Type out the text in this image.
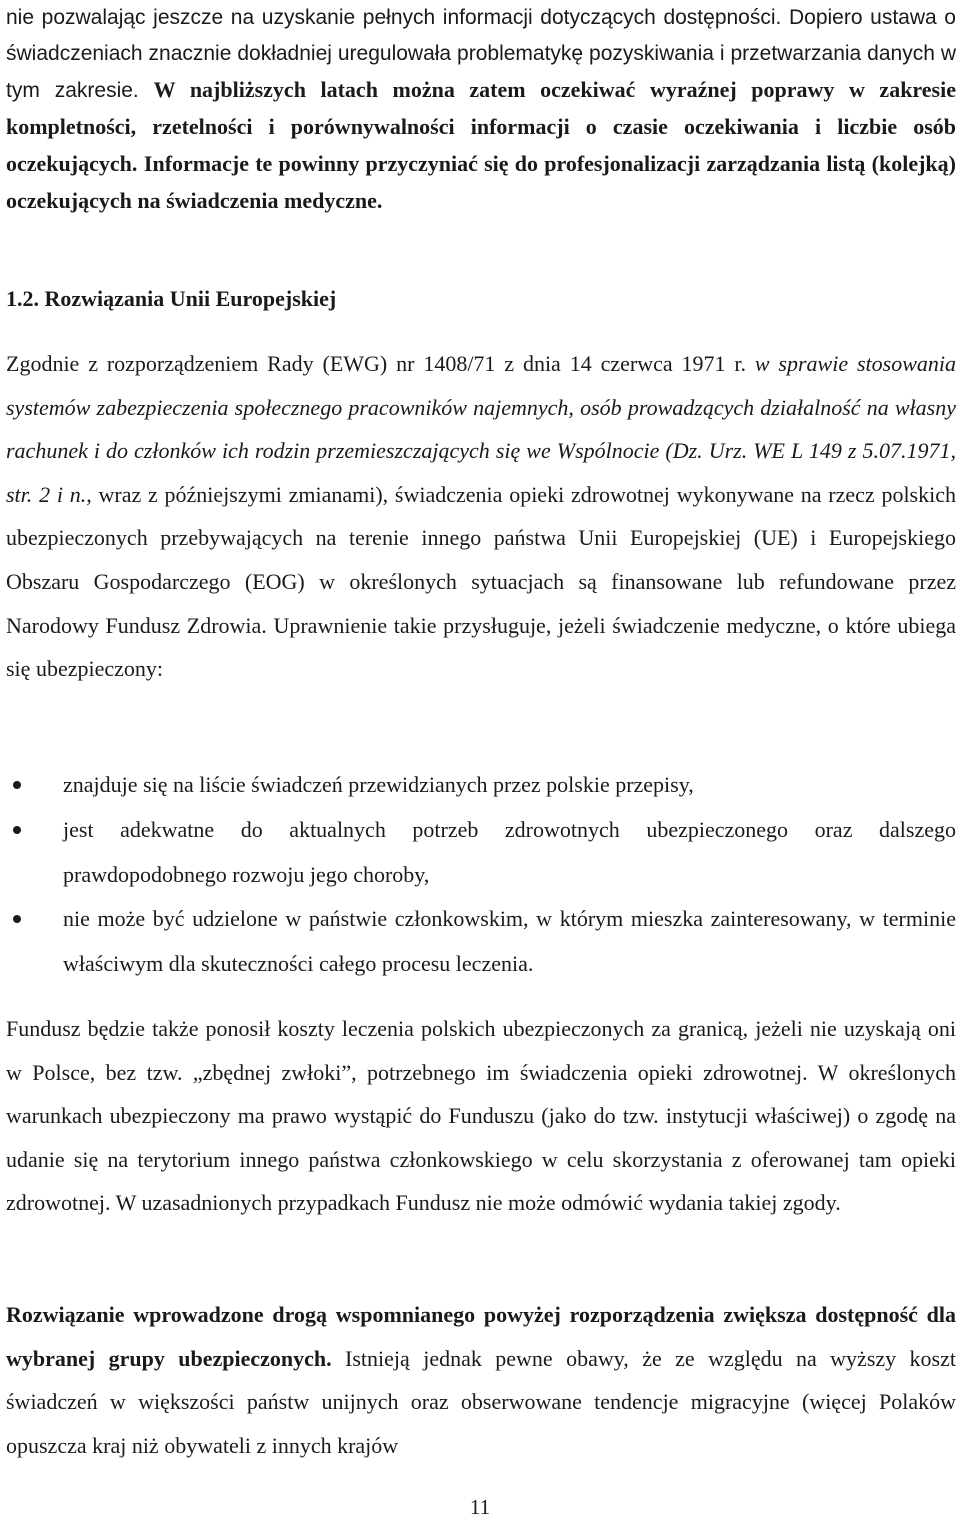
nie pozwalając jeszcze na uzyskanie pełnych informacji dotyczących dostępności. Dopiero ustawa o świadczeniach znacznie dokładniej uregulowała problematykę pozyskiwania i przetwarzania danych w tym zakresie. W najbliższych latach można zatem oczekiwać wyraźnej poprawy w zakresie kompletności, rzetelności i porównywalności informacji o czasie oczekiwania i liczbie osób oczekujących. Informacje te powinny przyczyniać się do profesjonalizacji zarządzania listą (kolejką) oczekujących na świadczenia medyczne.

1.2. Rozwiązania Unii Europejskiej

Zgodnie z rozporządzeniem Rady (EWG) nr 1408/71 z dnia 14 czerwca 1971 r. w sprawie stosowania systemów zabezpieczenia społecznego pracowników najemnych, osób prowadzących działalność na własny rachunek i do członków ich rodzin przemieszczających się we Wspólnocie (Dz. Urz. WE L 149 z 5.07.1971, str. 2 i n., wraz z późniejszymi zmianami), świadczenia opieki zdrowotnej wykonywane na rzecz polskich ubezpieczonych przebywających na terenie innego państwa Unii Europejskiej (UE) i Europejskiego Obszaru Gospodarczego (EOG) w określonych sytuacjach są finansowane lub refundowane przez Narodowy Fundusz Zdrowia. Uprawnienie takie przysługuje, jeżeli świadczenie medyczne, o które ubiega się ubezpieczony:

znajduje się na liście świadczeń przewidzianych przez polskie przepisy,
jest adekwatne do aktualnych potrzeb zdrowotnych ubezpieczonego oraz dalszego prawdopodobnego rozwoju jego choroby,
nie może być udzielone w państwie członkowskim, w którym mieszka zainteresowany, w terminie właściwym dla skuteczności całego procesu leczenia.

Fundusz będzie także ponosił koszty leczenia polskich ubezpieczonych za granicą, jeżeli nie uzyskają oni w Polsce, bez tzw. „zbędnej zwłoki”, potrzebnego im świadczenia opieki zdrowotnej. W określonych warunkach ubezpieczony ma prawo wystąpić do Funduszu (jako do tzw. instytucji właściwej) o zgodę na udanie się na terytorium innego państwa członkowskiego w celu skorzystania z oferowanej tam opieki zdrowotnej. W uzasadnionych przypadkach Fundusz nie może odmówić wydania takiej zgody.

Rozwiązanie wprowadzone drogą wspomnianego powyżej rozporządzenia zwiększa dostępność dla wybranej grupy ubezpieczonych. Istnieją jednak pewne obawy, że ze względu na wyższy koszt świadczeń w większości państw unijnych oraz obserwowane tendencje migracyjne (więcej Polaków opuszcza kraj niż obywateli z innych krajów

11
